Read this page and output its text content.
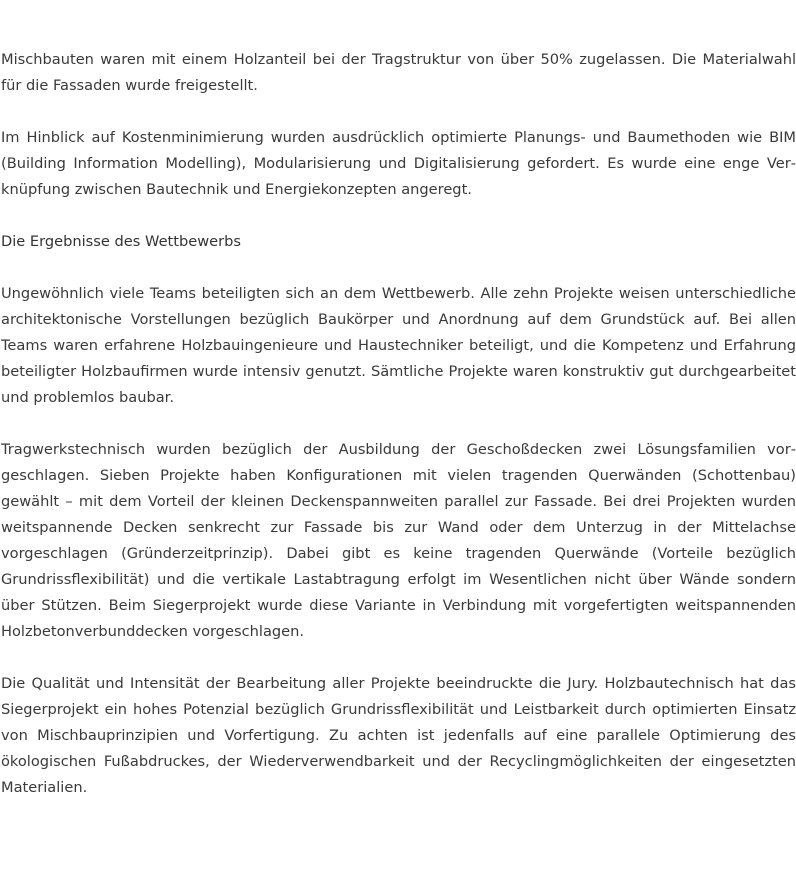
Mischbauten waren mit einem Holzanteil bei der Tragstruktur von über 50% zugelassen. Die Materialwahl für die Fassaden wurde freigestellt.

Im Hinblick auf Kostenminimierung wurden ausdrücklich optimierte Planungs- und Baumethoden wie BIM (Building Information Modelling), Modularisierung und Digitalisierung gefordert. Es wurde eine enge Verknüpfung zwischen Bautechnik und Energiekonzepten angeregt.

Die Ergebnisse des Wettbewerbs

Ungewöhnlich viele Teams beteiligten sich an dem Wettbewerb. Alle zehn Projekte weisen unterschiedliche architektonische Vorstellungen bezüglich Baukörper und Anordnung auf dem Grundstück auf. Bei allen Teams waren erfahrene Holzbauingenieure und Haustechniker beteiligt, und die Kompetenz und Erfahrung beteiligter Holzbaufirmen wurde intensiv genutzt. Sämtliche Projekte waren konstruktiv gut durchgearbeitet und problemlos baubar.

Tragwerkstechnisch wurden bezüglich der Ausbildung der Geschoßdecken zwei Lösungsfamilien vorgeschlagen. Sieben Projekte haben Konfigurationen mit vielen tragenden Querwänden (Schottenbau) gewählt – mit dem Vorteil der kleinen Deckenspannweiten parallel zur Fassade. Bei drei Projekten wurden weitspannende Decken senkrecht zur Fassade bis zur Wand oder dem Unterzug in der Mittelachse vorgeschlagen (Gründerzeitprinzip). Dabei gibt es keine tragenden Querwände (Vorteile bezüglich Grundrissflexibilität) und die vertikale Lastabtragung erfolgt im Wesentlichen nicht über Wände sondern über Stützen. Beim Siegerprojekt wurde diese Variante in Verbindung mit vorgefertigten weitspannenden Holzbetonverbunddecken vorgeschlagen.

Die Qualität und Intensität der Bearbeitung aller Projekte beeindruckte die Jury. Holzbautechnisch hat das Siegerprojekt ein hohes Potenzial bezüglich Grundrissflexibilität und Leistbarkeit durch optimierten Einsatz von Mischbauprinzipien und Vorfertigung. Zu achten ist jedenfalls auf eine parallele Optimierung des ökologischen Fußabdruckes, der Wiederverwendbarkeit und der Recyclingmöglichkeiten der eingesetzten Materialien.
